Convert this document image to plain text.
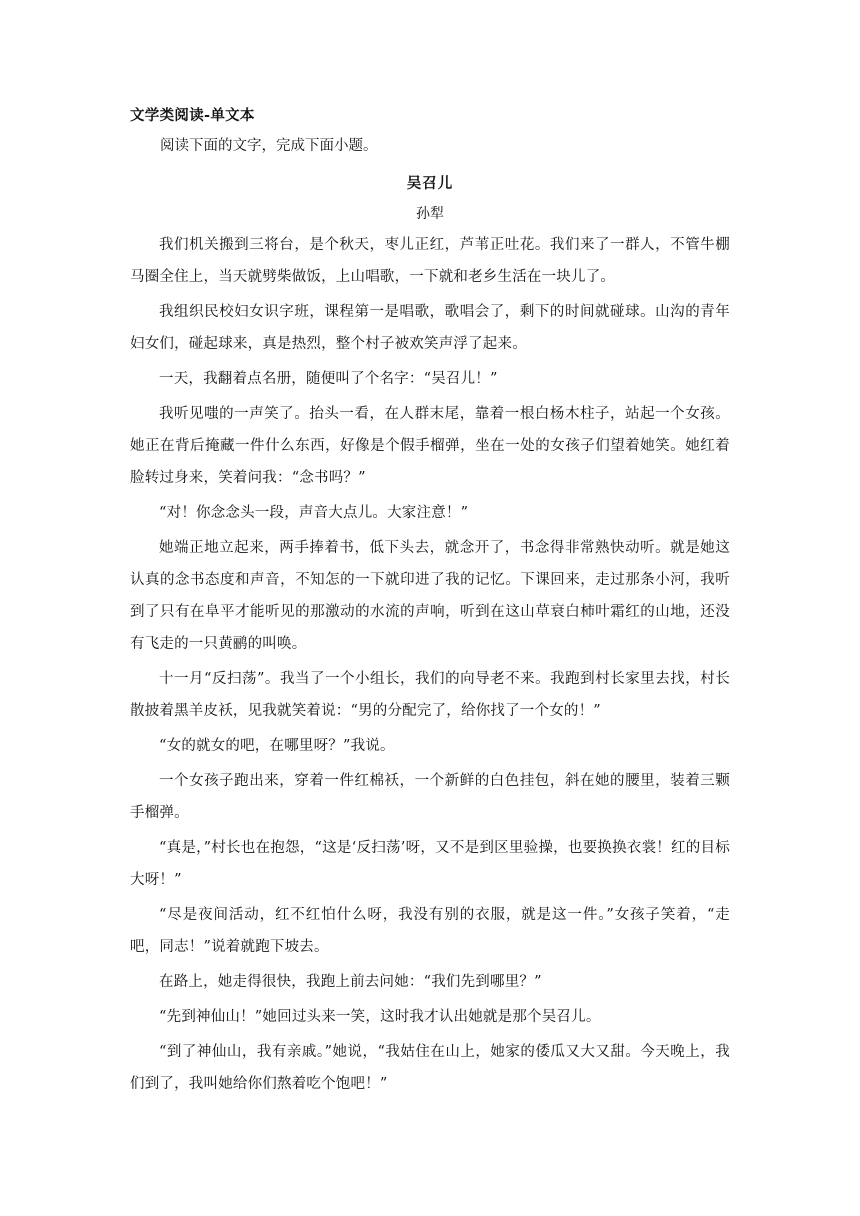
文学类阅读-单文本

阅读下面的文字，完成下面小题。

吴召儿

孙犁

我们机关搬到三将台，是个秋天，枣儿正红，芦苇正吐花。我们来了一群人，不管牛棚马圈全住上，当天就劈柴做饭，上山唱歌，一下就和老乡生活在一块儿了。

我组织民校妇女识字班，课程第一是唱歌，歌唱会了，剩下的时间就碰球。山沟的青年妇女们，碰起球来，真是热烈，整个村子被欢笑声浮了起来。

一天，我翻着点名册，随便叫了个名字：“吴召儿！”

我听见嗤的一声笑了。抬头一看，在人群末尾，靠着一根白杨木柱子，站起一个女孩。她正在背后掩藏一件什么东西，好像是个假手榴弹，坐在一处的女孩子们望着她笑。她红着脸转过身来，笑着问我：“念书吗？”

“对！你念念头一段，声音大点儿。大家注意！”

她端正地立起来，两手捧着书，低下头去，就念开了，书念得非常熟快动听。就是她这认真的念书态度和声音，不知怎的一下就印进了我的记忆。下课回来，走过那条小河，我听到了只有在阜平才能听见的那激动的水流的声响，听到在这山草衰白柿叶霜红的山地，还没有飞走的一只黄鹂的叫唤。

十一月“反扫荡”。我当了一个小组长，我们的向导老不来。我跑到村长家里去找，村长散披着黑羊皮袄，见我就笑着说：“男的分配完了，给你找了一个女的！”

“女的就女的吧，在哪里呀？”我说。

一个女孩子跑出来，穿着一件红棉袄，一个新鲜的白色挂包，斜在她的腰里，装着三颗手榴弹。

“真是，”村长也在抱怨，“这是‘反扫荡’呀，又不是到区里验操，也要换换衣裳！红的目标大呀！”

“尽是夜间活动，红不红怕什么呀，我没有别的衣服，就是这一件。”女孩子笑着，“走吧，同志！”说着就跑下坡去。

在路上，她走得很快，我跑上前去问她：“我们先到哪里？”

“先到神仙山！”她回过头来一笑，这时我才认出她就是那个吴召儿。

“到了神仙山，我有亲戚。”她说，“我姑住在山上，她家的倭瓜又大又甜。今天晚上，我们到了，我叫她给你们熬着吃个饱吧！”
